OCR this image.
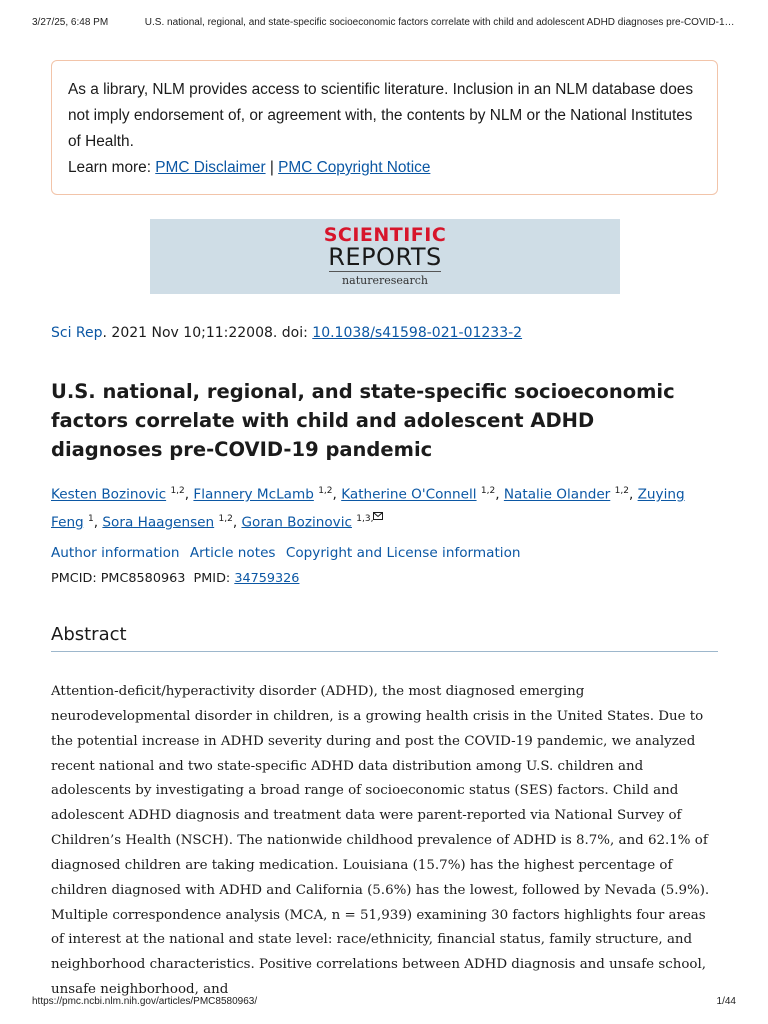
3/27/25, 6:48 PM	U.S. national, regional, and state-specific socioeconomic factors correlate with child and adolescent ADHD diagnoses pre-COVID-1…
As a library, NLM provides access to scientific literature. Inclusion in an NLM database does not imply endorsement of, or agreement with, the contents by NLM or the National Institutes of Health.
Learn more: PMC Disclaimer | PMC Copyright Notice
SCIENTIFIC
REPORTS
natureresearch
Sci Rep. 2021 Nov 10;11:22008. doi: 10.1038/s41598-021-01233-2
U.S. national, regional, and state-specific socioeconomic factors correlate with child and adolescent ADHD diagnoses pre-COVID-19 pandemic
Kesten Bozinovic $^{1,2}$, Flannery McLamb $^{1,2}$, Katherine O'Connell $^{1,2}$, Natalie Olander $^{1,2}$, Zuying Feng $^1$, Sora Haagensen $^{1,2}$, Goran Bozinovic $^{1,3,}$
Author information Article notes Copyright and License information
PMCID: PMC8580963 PMID: 34759326
Abstract

Attention-deficit/hyperactivity disorder (ADHD), the most diagnosed emerging neurodevelopmental disorder in children, is a growing health crisis in the United States. Due to the potential increase in ADHD severity during and post the COVID-19 pandemic, we analyzed recent national and two state-specific ADHD data distribution among U.S. children and adolescents by investigating a broad range of socioeconomic status (SES) factors. Child and adolescent ADHD diagnosis and treatment data were parent-reported via National Survey of Children’s Health (NSCH). The nationwide childhood prevalence of ADHD is 8.7%, and 62.1% of diagnosed children are taking medication. Louisiana (15.7%) has the highest percentage of children diagnosed with ADHD and California (5.6%) has the lowest, followed by Nevada (5.9%). Multiple correspondence analysis (MCA, n = 51,939) examining 30 factors highlights four areas of interest at the national and state level: race/ethnicity, financial status, family structure, and neighborhood characteristics. Positive correlations between ADHD diagnosis and unsafe school, unsafe neighborhood, and

https://pmc.ncbi.nlm.nih.gov/articles/PMC8580963/	1/44
